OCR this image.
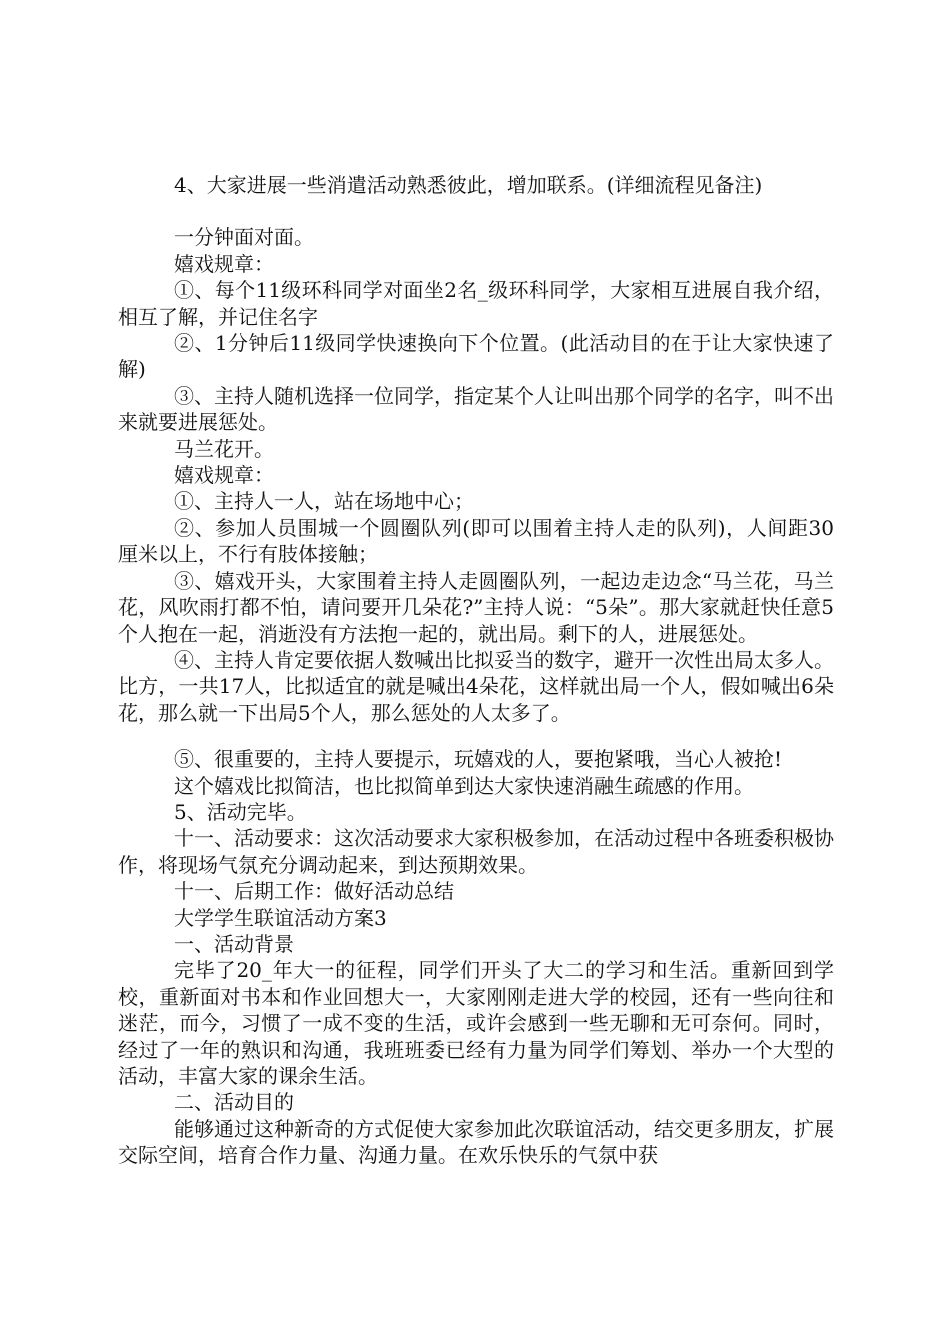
4、大家进展一些消遣活动熟悉彼此，增加联系。(详细流程见备注)

一分钟面对面。

嬉戏规章：

①、每个11级环科同学对面坐2名_级环科同学，大家相互进展自我介绍，相互了解，并记住名字

②、1分钟后11级同学快速换向下个位置。(此活动目的在于让大家快速了解)

③、主持人随机选择一位同学，指定某个人让叫出那个同学的名字，叫不出来就要进展惩处。

马兰花开。

嬉戏规章：

①、主持人一人，站在场地中心；

②、参加人员围城一个圆圈队列(即可以围着主持人走的队列)，人间距30厘米以上，不行有肢体接触；

③、嬉戏开头，大家围着主持人走圆圈队列，一起边走边念“马兰花，马兰花，风吹雨打都不怕，请问要开几朵花?”主持人说：“5朵”。那大家就赶快任意5个人抱在一起，消逝没有方法抱一起的，就出局。剩下的人，进展惩处。

④、主持人肯定要依据人数喊出比拟妥当的数字，避开一次性出局太多人。比方，一共17人，比拟适宜的就是喊出4朵花，这样就出局一个人，假如喊出6朵花，那么就一下出局5个人，那么惩处的人太多了。

⑤、很重要的，主持人要提示，玩嬉戏的人，要抱紧哦，当心人被抢!

这个嬉戏比拟简洁，也比拟简单到达大家快速消融生疏感的作用。

5、活动完毕。

十一、活动要求：这次活动要求大家积极参加，在活动过程中各班委积极协作，将现场气氛充分调动起来，到达预期效果。

十一、后期工作：做好活动总结

大学学生联谊活动方案3

一、活动背景

完毕了20_年大一的征程，同学们开头了大二的学习和生活。重新回到学校，重新面对书本和作业回想大一，大家刚刚走进大学的校园，还有一些向往和迷茫，而今，习惯了一成不变的生活，或许会感到一些无聊和无可奈何。同时，经过了一年的熟识和沟通，我班班委已经有力量为同学们筹划、举办一个大型的活动，丰富大家的课余生活。

二、活动目的

能够通过这种新奇的方式促使大家参加此次联谊活动，结交更多朋友，扩展交际空间，培育合作力量、沟通力量。在欢乐快乐的气氛中获
